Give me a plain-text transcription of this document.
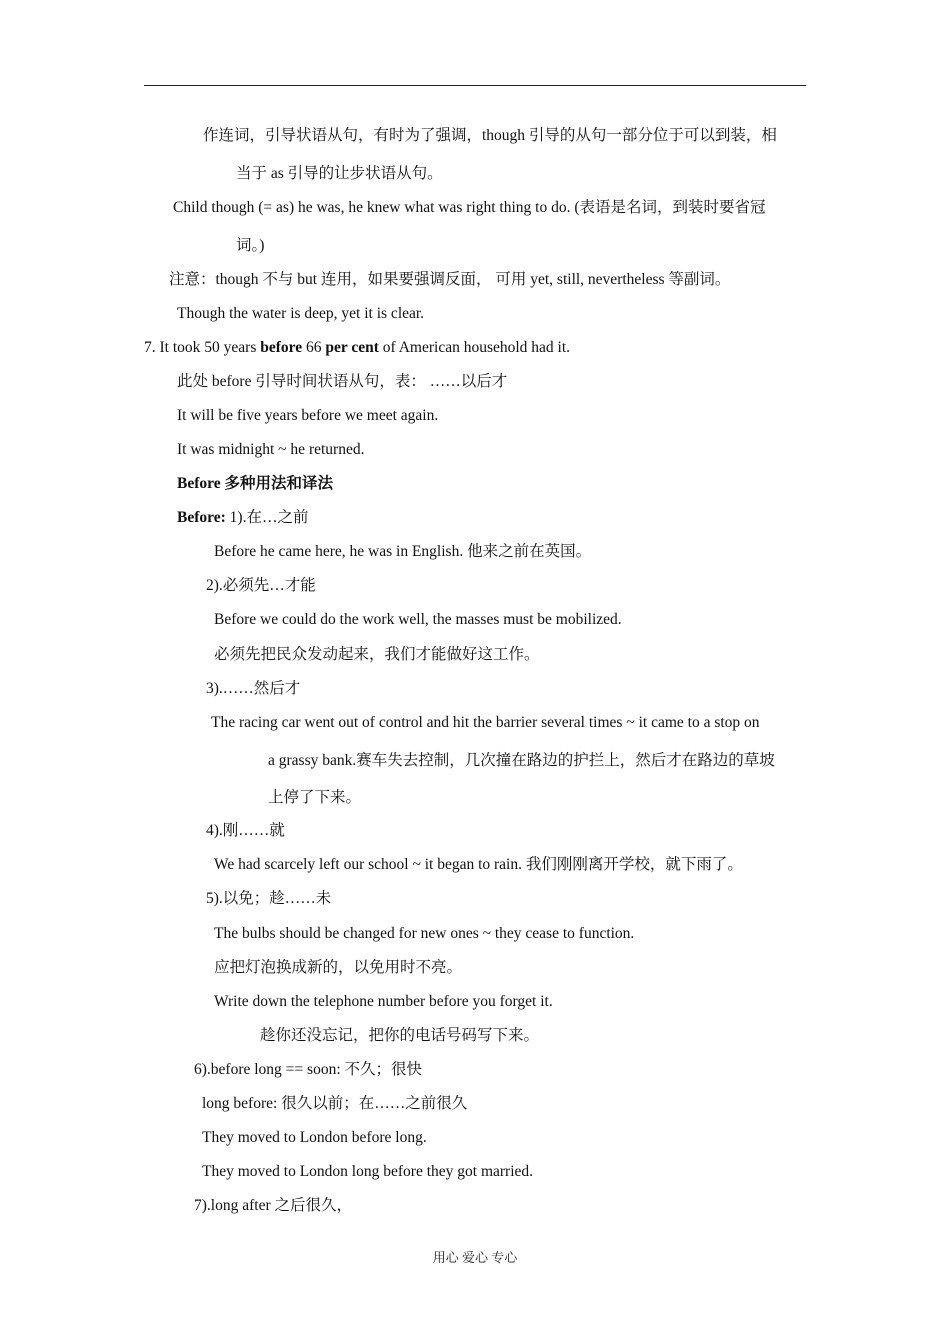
作连词，引导状语从句，有时为了强调，though 引导的从句一部分位于可以到装，相
当于 as 引导的让步状语从句。
Child though (= as) he was, he knew what was right thing to do. (表语是名词，到装时要省冠
词。)
注意：though 不与 but 连用，如果要强调反面， 可用 yet, still, nevertheless 等副词。
Though the water is deep, yet it is clear.
7. It took 50 years before 66 per cent of American household had it.
此处 before 引导时间状语从句，表： ……以后才
It will be five years before we meet again.
It was midnight ~ he returned.
Before 多种用法和译法
Before: 1).在…之前
Before he came here, he was in English. 他来之前在英国。
2).必须先…才能
Before we could do the work well, the masses must be mobilized.
必须先把民众发动起来，我们才能做好这工作。
3).……然后才
The racing car went out of control and hit the barrier several times ~ it came to a stop on
a grassy bank.赛车失去控制，几次撞在路边的护拦上，然后才在路边的草坡
上停了下来。
4).刚……就
We had scarcely left our school ~ it began to rain. 我们刚刚离开学校，就下雨了。
5).以免；趁……未
The bulbs should be changed for new ones ~ they cease to function.
应把灯泡换成新的，以免用时不亮。
Write down the telephone number before you forget it.
趁你还没忘记，把你的电话号码写下来。
6).before long == soon: 不久；很快
long before: 很久以前；在……之前很久
They moved to London before long.
They moved to London long before they got married.
7).long after 之后很久，
用心 爱心 专心
